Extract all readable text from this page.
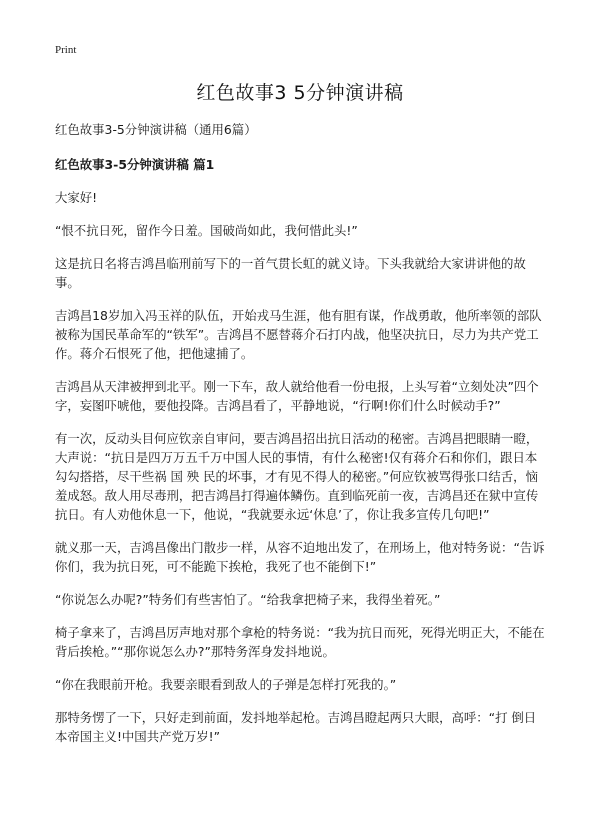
Print
红色故事3 5分钟演讲稿

红色故事3-5分钟演讲稿（通用6篇）

红色故事3-5分钟演讲稿 篇1

大家好!

“恨不抗日死，留作今日羞。国破尚如此，我何惜此头!”

这是抗日名将吉鸿昌临刑前写下的一首气贯长虹的就义诗。下头我就给大家讲讲他的故事。

吉鸿昌18岁加入冯玉祥的队伍，开始戎马生涯，他有胆有谋，作战勇敢，他所率领的部队被称为国民革命军的“铁军”。吉鸿昌不愿替蒋介石打内战，他坚决抗日，尽力为共产党工作。蒋介石恨死了他，把他逮捕了。

吉鸿昌从天津被押到北平。刚一下车，敌人就给他看一份电报，上头写着“立刻处决”四个字，妄图吓唬他，要他投降。吉鸿昌看了，平静地说，“行啊!你们什么时候动手?”

有一次，反动头目何应钦亲自审问，要吉鸿昌招出抗日活动的秘密。吉鸿昌把眼睛一瞪，大声说：“抗日是四万万五千万中国人民的事情，有什么秘密!仅有蒋介石和你们，跟日本勾勾搭搭，尽干些祸 国 殃 民的坏事，才有见不得人的秘密。”何应钦被骂得张口结舌，恼羞成怒。敌人用尽毒刑，把吉鸿昌打得遍体鳞伤。直到临死前一夜，吉鸿昌还在狱中宣传抗日。有人劝他休息一下，他说，“我就要永远‘休息’了，你让我多宣传几句吧!”

就义那一天，吉鸿昌像出门散步一样，从容不迫地出发了，在刑场上，他对特务说：“告诉你们，我为抗日死，可不能跪下挨枪，我死了也不能倒下!”

“你说怎么办呢?”特务们有些害怕了。“给我拿把椅子来，我得坐着死。”

椅子拿来了，吉鸿昌厉声地对那个拿枪的特务说：“我为抗日而死，死得光明正大，不能在背后挨枪。”“那你说怎么办?”那特务浑身发抖地说。

“你在我眼前开枪。我要亲眼看到敌人的子弹是怎样打死我的。”

那特务愣了一下，只好走到前面，发抖地举起枪。吉鸿昌瞪起两只大眼，高呼：“打 倒日本帝国主义!中国共产党万岁!”
